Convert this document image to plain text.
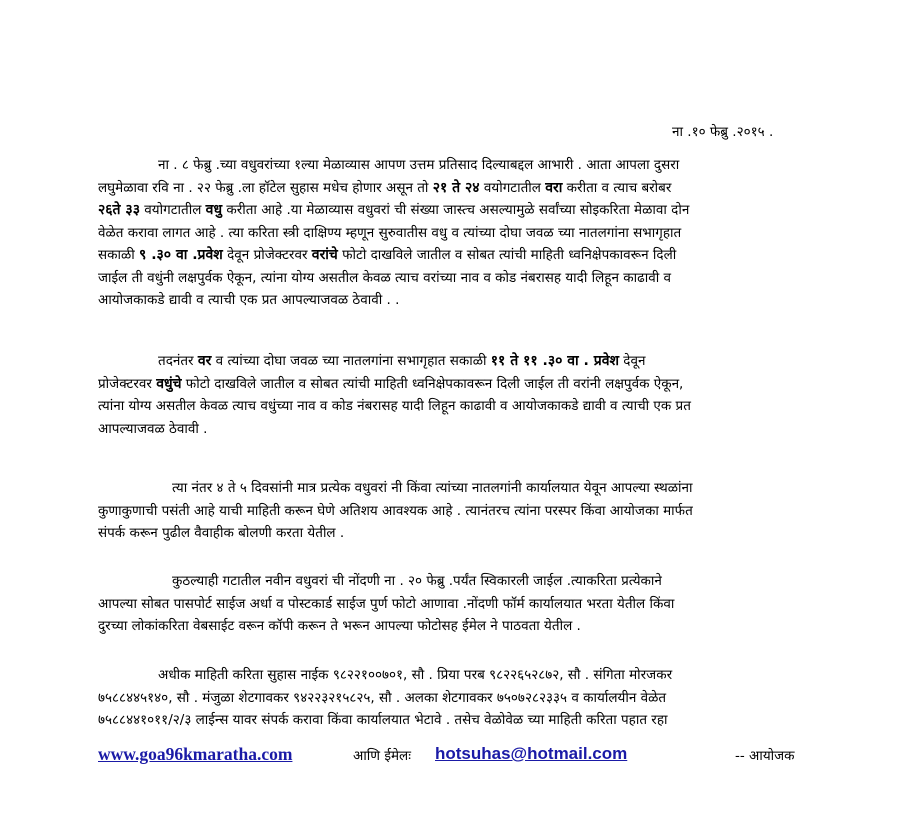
ना .१० फेब्रु .२०१५ .
ना . ८ फेब्रु .च्या वधुवरांच्या १ल्या मेळाव्यास आपण उत्तम प्रतिसाद दिल्याबद्दल आभारी . आता आपला दुसरा
लघुमेळावा रवि ना . २२ फेब्रु .ला हॉटेल सुहास मधेच होणार असून तो २१ ते २४ वयोगटातील वरा करीता व त्याच बरोबर
२६ते ३३ वयोगटातील वधु करीता आहे .या मेळाव्यास वधुवरां ची संख्या जास्त्च असल्यामुळे सर्वांच्या सोइकरिता मेळावा दोन
वेळेत करावा लागत आहे . त्या करिता स्त्री दाक्षिण्य म्हणून सुरुवातीस वधु व त्यांच्या दोघा जवळ च्या नातलगांना सभागृहात
सकाळी ९ .३० वा .प्रवेश देवून प्रोजेक्टरवर वरांचे फोटो दाखविले जातील व सोबत त्यांची माहिती ध्वनिक्षेपकावरून दिली
जाईल ती वधुंनी लक्षपुर्वक ऐकून, त्यांना योग्य असतील केवळ त्याच वरांच्या नाव व कोड नंबरासह यादी लिहून काढावी व
आयोजकाकडे द्यावी व त्याची एक प्रत आपल्याजवळ ठेवावी . .
तदनंतर वर व त्यांच्या दोघा जवळ च्या नातलगांना सभागृहात सकाळी ११ ते ११ .३० वा . प्रवेश देवून
प्रोजेक्टरवर वधुंचे फोटो दाखविले जातील व सोबत त्यांची माहिती ध्वनिक्षेपकावरून दिली जाईल ती वरांनी लक्षपुर्वक ऐकून,
त्यांना योग्य असतील केवळ त्याच वधुंच्या नाव व कोड नंबरासह यादी लिहून काढावी व आयोजकाकडे द्यावी व त्याची एक प्रत
आपल्याजवळ ठेवावी .
त्या नंतर ४ ते ५ दिवसांनी मात्र प्रत्येक वधुवरां नी किंवा त्यांच्या नातलगांनी कार्यालयात येवून आपल्या स्थळांना
कुणाकुणाची पसंती आहे याची माहिती करून घेणे अतिशय आवश्यक आहे . त्यानंतरच त्यांना परस्पर किंवा आयोजका मार्फत
संपर्क करून पुढील वैवाहीक बोलणी करता येतील .
कुठल्याही गटातील नवीन वधुवरां ची नोंदणी ना . २० फेब्रु .पर्यंत स्विकारली जाईल .त्याकरिता प्रत्येकाने
आपल्या सोबत पासपोर्ट साईज अर्धा व पोस्टकार्ड साईज पुर्ण फोटो आणावा .नोंदणी फॉर्म कार्यालयात भरता येतील किंवा
दुरच्या लोकांकरिता वेबसाईट वरून कॉपी करून ते भरून आपल्या फोटोसह ईमेल ने पाठवता येतील .
अधीक माहिती करिता सुहास नाईक ९८२२१००७०१, सौ . प्रिया परब ९८२२६५२८७२, सौ . संगिता मोरजकर
७५८८४४५१४०, सौ . मंजुळा शेटगावकर ९४२२३२१५८२५, सौ . अलका शेटगावकर ७५०७२८२३३५ व कार्यालयीन वेळेत
७५८८४४१०११/२/३ लाईन्स यावर संपर्क करावा किंवा कार्यालयात भेटावे . तसेच वेळोवेळ च्या माहिती करिता पहात रहा
www.goa96kmaratha.com	आणि ईमेलः hotsuhas@hotmail.com	-- आयोजक
